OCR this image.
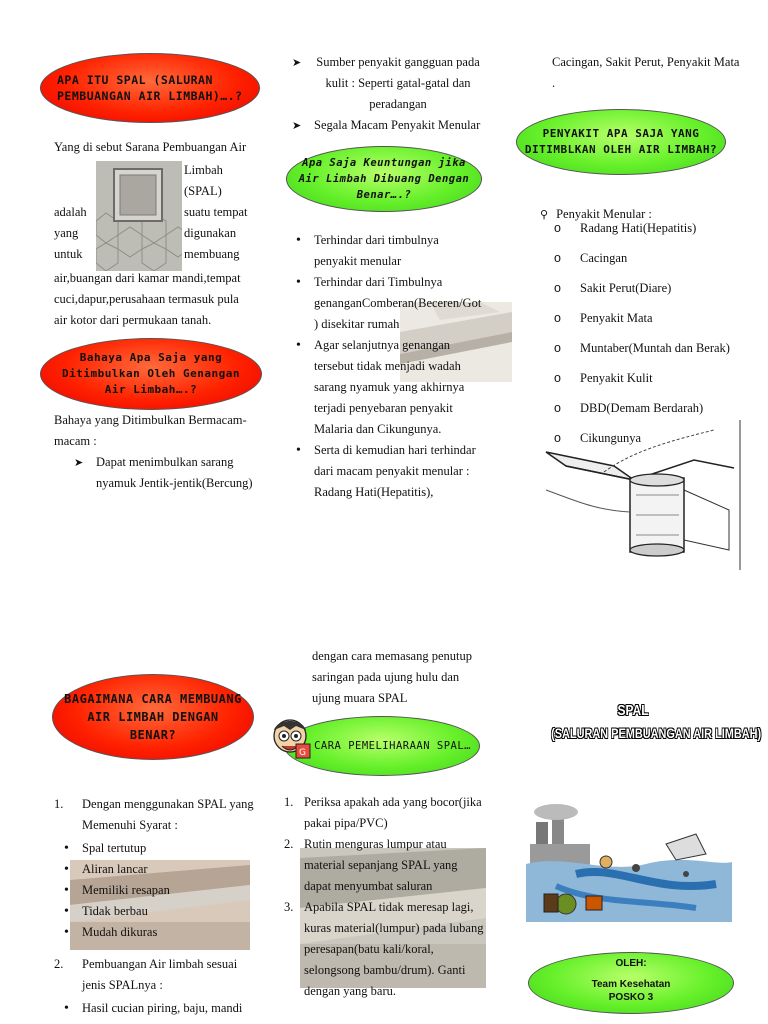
APA ITU SPAL (SALURAN PEMBUANGAN AIR LIMBAH)….?
Yang di sebut Sarana Pembuangan Air
Limbah
(SPAL)
suatu tempat
digunakan
membuang
adalah
yang
untuk
air,buangan dari kamar mandi,tempat cuci,dapur,perusahaan termasuk pula air kotor dari permukaan tanah.
Bahaya Apa Saja yang Ditimbulkan Oleh Genangan Air Limbah….?
Bahaya yang Ditimbulkan Bermacam-macam :
➤ Dapat menimbulkan sarang nyamuk Jentik-jentik(Bercung)
➤ Sumber penyakit gangguan pada kulit : Seperti gatal-gatal dan peradangan
➤ Segala Macam Penyakit Menular
Apa Saja Keuntungan jika Air Limbah Dibuang Dengan Benar….?
• Terhindar dari timbulnya penyakit menular
• Terhindar dari Timbulnya genanganComberan(Beceren/Got ) disekitar rumah
• Agar selanjutnya genangan tersebut tidak menjadi wadah sarang nyamuk yang akhirnya terjadi penyebaran penyakit Malaria dan Cikungunya.
• Serta di kemudian hari terhindar dari macam penyakit menular : Radang Hati(Hepatitis),
Cacingan, Sakit Perut, Penyakit Mata .
PENYAKIT APA SAJA YANG DITIMBLKAN OLEH AIR LIMBAH?
⚲ Penyakit Menular :
o Radang Hati(Hepatitis)
o Cacingan
o Sakit Perut(Diare)
o Penyakit Mata
o Muntaber(Muntah dan Berak)
o Penyakit Kulit
o DBD(Demam Berdarah)
o Cikungunya
BAGAIMANA CARA MEMBUANG AIR LIMBAH DENGAN BENAR?
1. Dengan menggunakan SPAL yang Memenuhi Syarat :
• Spal tertutup
• Aliran lancar
• Memiliki resapan
• Tidak berbau
• Mudah dikuras
2. Pembuangan Air limbah sesuai jenis SPALnya :
• Hasil cucian piring, baju, mandi
dengan cara memasang penutup saringan pada ujung hulu dan ujung muara SPAL
CARA PEMELIHARAAN SPAL…
G
1. Periksa apakah ada yang bocor(jika pakai pipa/PVC)
2. Rutin menguras lumpur atau material sepanjang SPAL yang dapat menyumbat saluran
3. Apabila SPAL tidak meresap lagi, kuras material(lumpur) pada lubang peresapan(batu kali/koral, selongsong bambu/drum). Ganti dengan yang baru.
SPAL
(SALURAN PEMBUANGAN AIR LIMBAH)
OLEH:
Team Kesehatan
POSKO 3
